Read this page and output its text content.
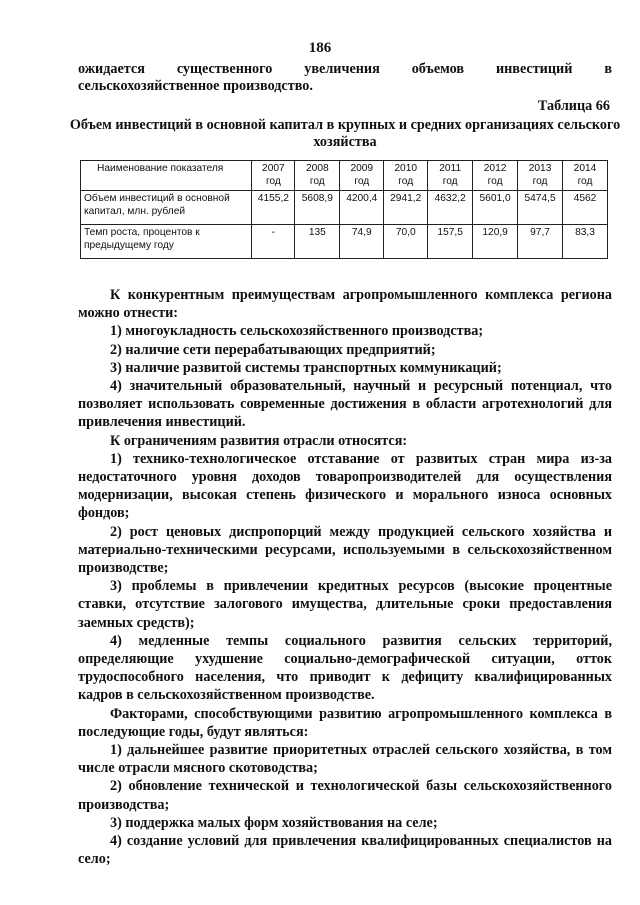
186
ожидается существенного увеличения объемов инвестиций в сельскохозяйственное производство.
Таблица 66
Объем инвестиций в основной капитал в крупных и средних организациях сельского хозяйства
Наименование показателя	2007 год	2008 год	2009 год	2010 год	2011 год	2012 год	2013 год	2014 год
Объем инвестиций в основной капитал, млн. рублей	4155,2	5608,9	4200,4	2941,2	4632,2	5601,0	5474,5	4562
Темп роста, процентов к предыдущему году	-	135	74,9	70,0	157,5	120,9	97,7	83,3

К конкурентным преимуществам агропромышленного комплекса региона можно отнести:

1) многоукладность сельскохозяйственного производства;

2) наличие сети перерабатывающих предприятий;

3) наличие развитой системы транспортных коммуникаций;

4) значительный образовательный, научный и ресурсный потенциал, что позволяет использовать современные достижения в области агротехнологий для привлечения инвестиций.

К ограничениям развития отрасли относятся:

1) технико-технологическое отставание от развитых стран мира из-за недостаточного уровня доходов товаропроизводителей для осуществления модернизации, высокая степень физического и морального износа основных фондов;

2) рост ценовых диспропорций между продукцией сельского хозяйства и материально-техническими ресурсами, используемыми в сельскохозяйственном производстве;

3) проблемы в привлечении кредитных ресурсов (высокие процентные ставки, отсутствие залогового имущества, длительные сроки предоставления заемных средств);

4) медленные темпы социального развития сельских территорий, определяющие ухудшение социально-демографической ситуации, отток трудоспособного населения, что приводит к дефициту квалифицированных кадров в сельскохозяйственном производстве.

Факторами, способствующими развитию агропромышленного комплекса в последующие годы, будут являться:

1) дальнейшее развитие приоритетных отраслей сельского хозяйства, в том числе отрасли мясного скотоводства;

2) обновление технической и технологической базы сельскохозяйственного производства;

3) поддержка малых форм хозяйствования на селе;

4) создание условий для привлечения квалифицированных специалистов на село;
